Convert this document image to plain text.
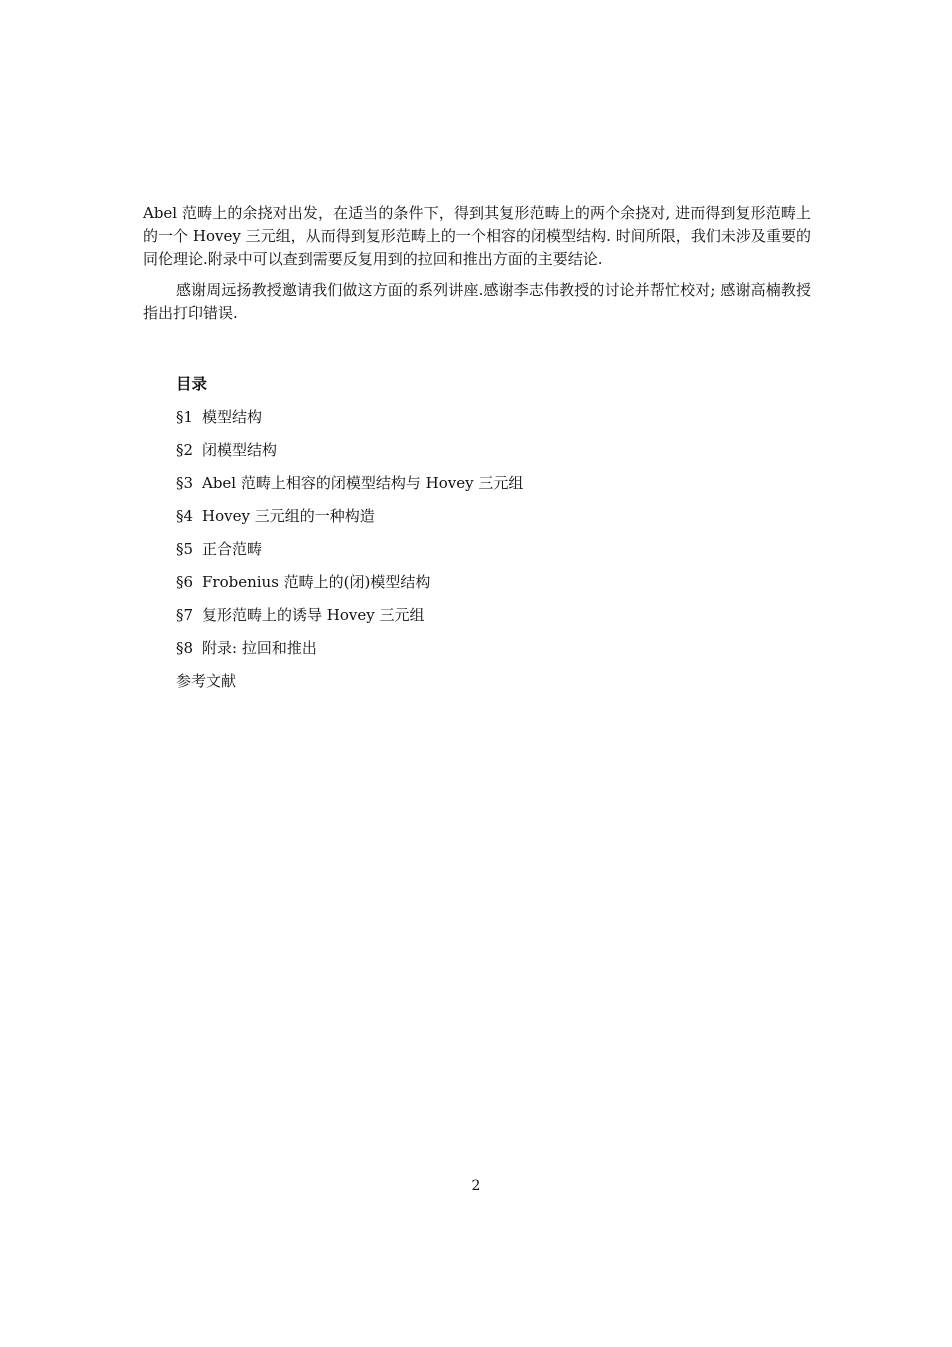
Abel 范畴上的余挠对出发，在适当的条件下，得到其复形范畴上的两个余挠对, 进而得到复形范畴上的一个 Hovey 三元组，从而得到复形范畴上的一个相容的闭模型结构. 时间所限，我们未涉及重要的同伦理论.附录中可以查到需要反复用到的拉回和推出方面的主要结论.

感谢周远扬教授邀请我们做这方面的系列讲座.感谢李志伟教授的讨论并帮忙校对; 感谢高楠教授指出打印错误.

目录
§1 模型结构
§2 闭模型结构
§3 Abel 范畴上相容的闭模型结构与 Hovey 三元组
§4 Hovey 三元组的一种构造
§5 正合范畴
§6 Frobenius 范畴上的(闭)模型结构
§7 复形范畴上的诱导 Hovey 三元组
§8 附录: 拉回和推出
参考文献
2
